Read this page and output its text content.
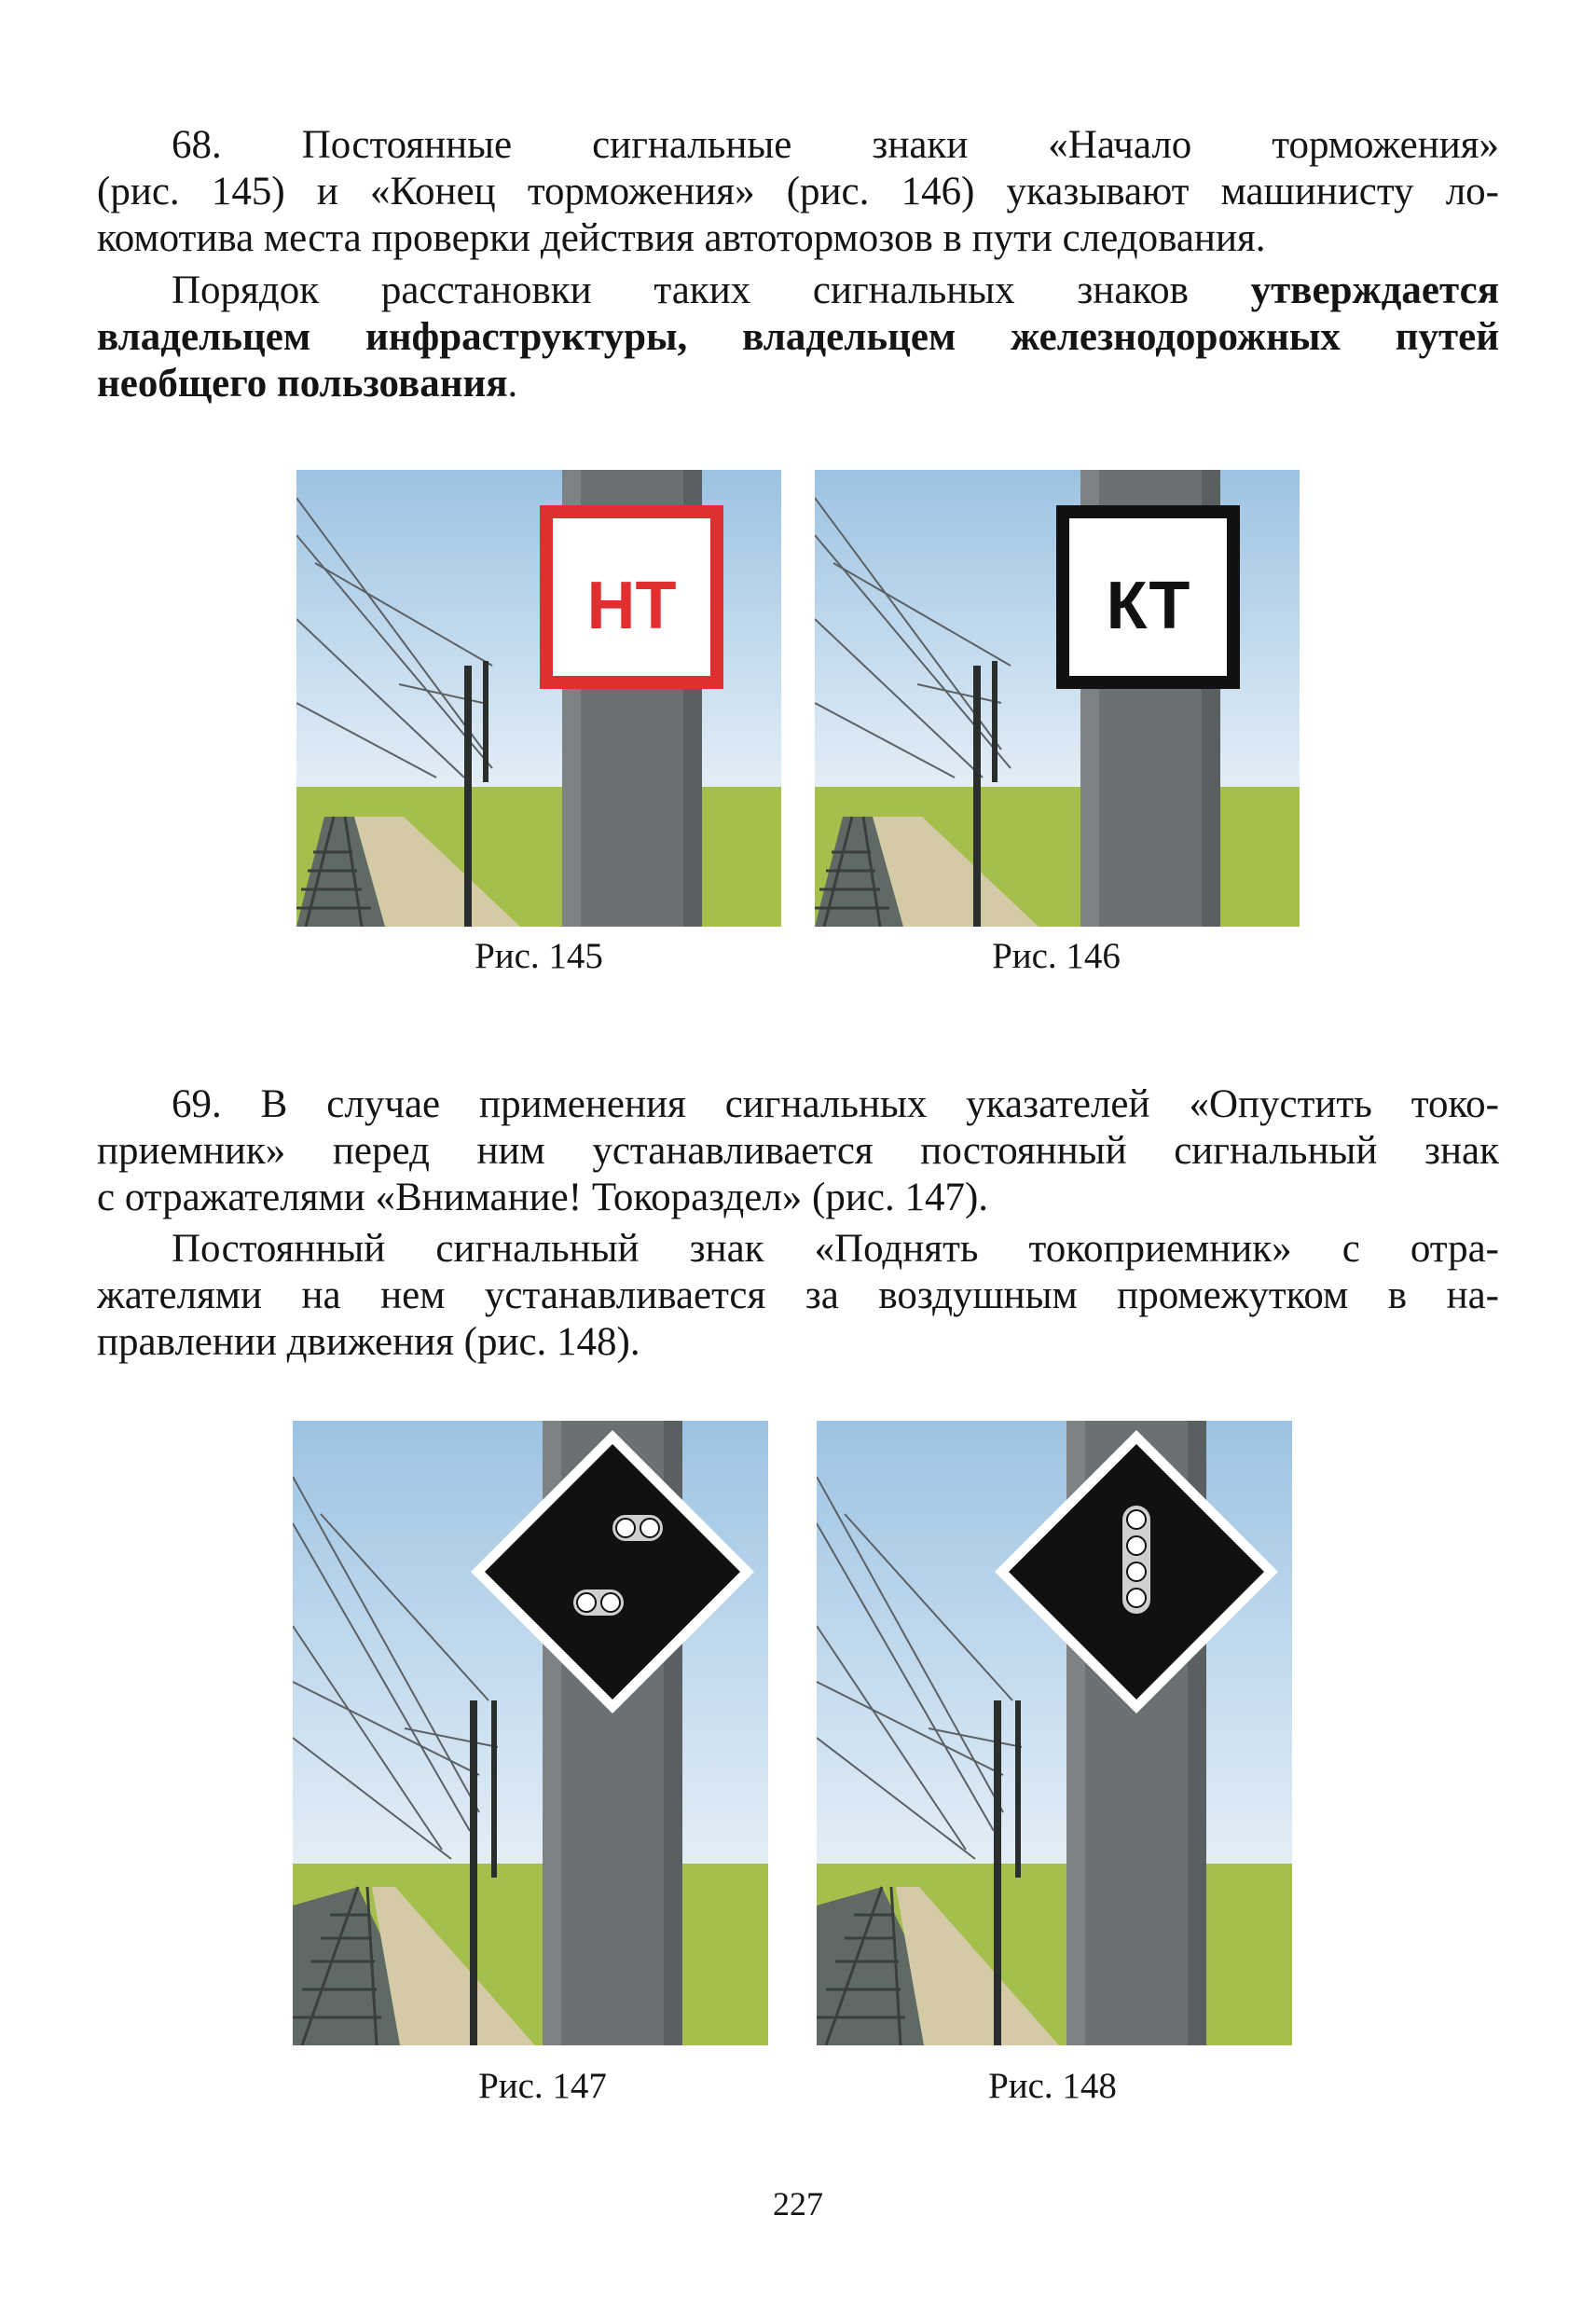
68. Постоянные сигнальные знаки «Начало торможения»
(рис. 145) и «Конец торможения» (рис. 146) указывают машинисту ло-
комотива места проверки действия автотормозов в пути следования.
Порядок расстановки таких сигнальных знаков утверждается
владельцем инфраструктуры, владельцем железнодорожных путей
необщего пользования.
НТ
Рис. 145
КТ
Рис. 146
69. В случае применения сигнальных указателей «Опустить токо-
приемник» перед ним устанавливается постоянный сигнальный знак
с отражателями «Внимание! Токораздел» (рис. 147).
Постоянный сигнальный знак «Поднять токоприемник» с отра-
жателями на нем устанавливается за воздушным промежутком в на-
правлении движения (рис. 148).
Рис. 147	Рис. 148
227
